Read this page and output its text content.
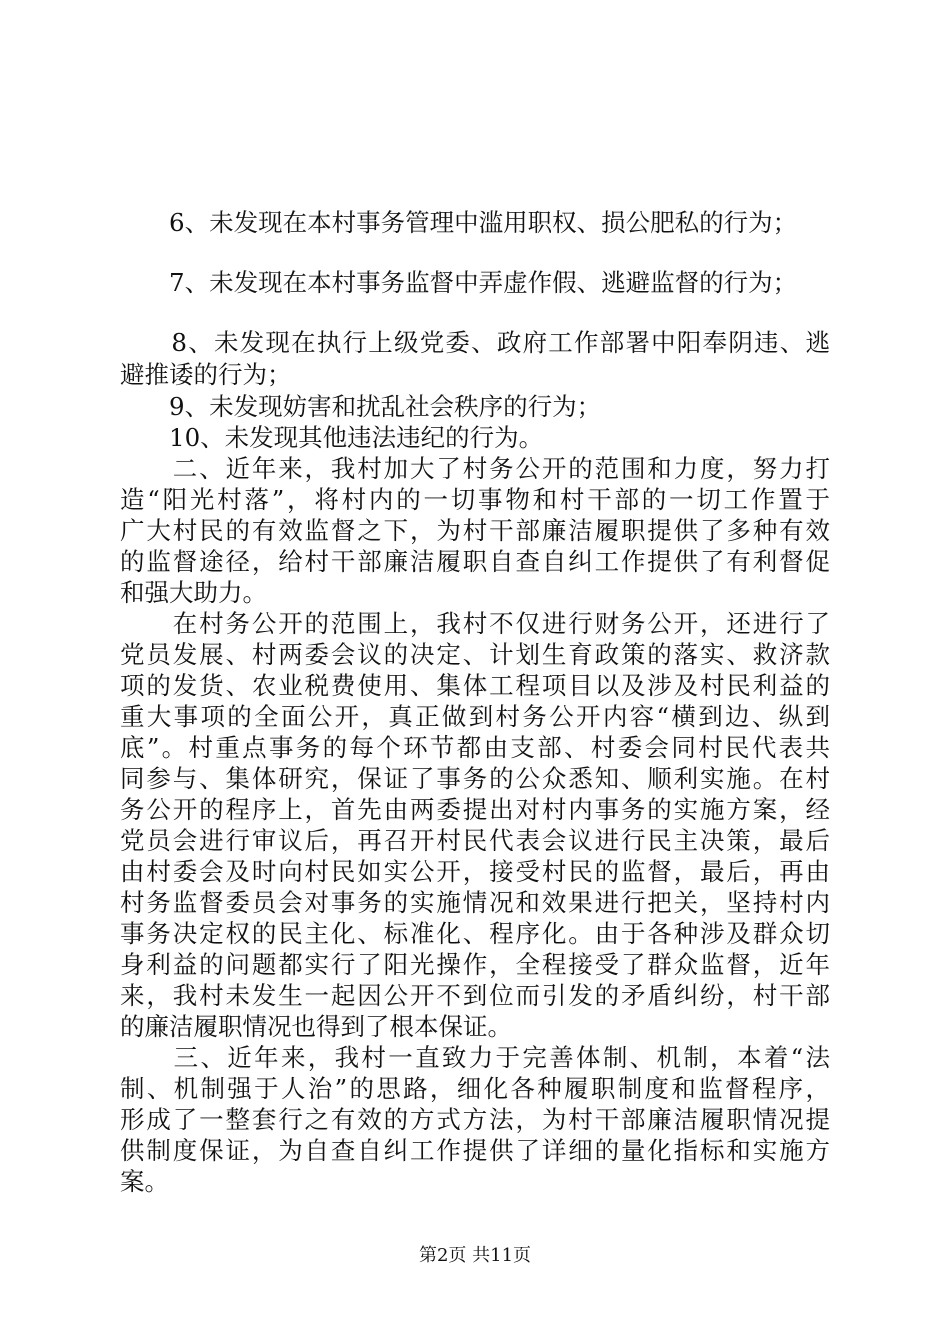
　　6、未发现在本村事务管理中滥用职权、损公肥私的行为；
　　7、未发现在本村事务监督中弄虚作假、逃避监督的行为；
　　8、未发现在执行上级党委、政府工作部署中阳奉阴违、逃
避推诿的行为；
　　9、未发现妨害和扰乱社会秩序的行为；
　　10、未发现其他违法违纪的行为。
　　二、近年来，我村加大了村务公开的范围和力度，努力打
造“阳光村落”，将村内的一切事物和村干部的一切工作置于
广大村民的有效监督之下，为村干部廉洁履职提供了多种有效
的监督途径，给村干部廉洁履职自查自纠工作提供了有利督促
和强大助力。
　　在村务公开的范围上，我村不仅进行财务公开，还进行了
党员发展、村两委会议的决定、计划生育政策的落实、救济款
项的发货、农业税费使用、集体工程项目以及涉及村民利益的
重大事项的全面公开，真正做到村务公开内容“横到边、纵到
底”。村重点事务的每个环节都由支部、村委会同村民代表共
同参与、集体研究，保证了事务的公众悉知、顺利实施。在村
务公开的程序上，首先由两委提出对村内事务的实施方案，经
党员会进行审议后，再召开村民代表会议进行民主决策，最后
由村委会及时向村民如实公开，接受村民的监督，最后，再由
村务监督委员会对事务的实施情况和效果进行把关，坚持村内
事务决定权的民主化、标准化、程序化。由于各种涉及群众切
身利益的问题都实行了阳光操作，全程接受了群众监督，近年
来，我村未发生一起因公开不到位而引发的矛盾纠纷，村干部
的廉洁履职情况也得到了根本保证。
　　三、近年来，我村一直致力于完善体制、机制，本着“法
制、机制强于人治”的思路，细化各种履职制度和监督程序，
形成了一整套行之有效的方式方法，为村干部廉洁履职情况提
供制度保证，为自查自纠工作提供了详细的量化指标和实施方
案。
第2页 共11页
